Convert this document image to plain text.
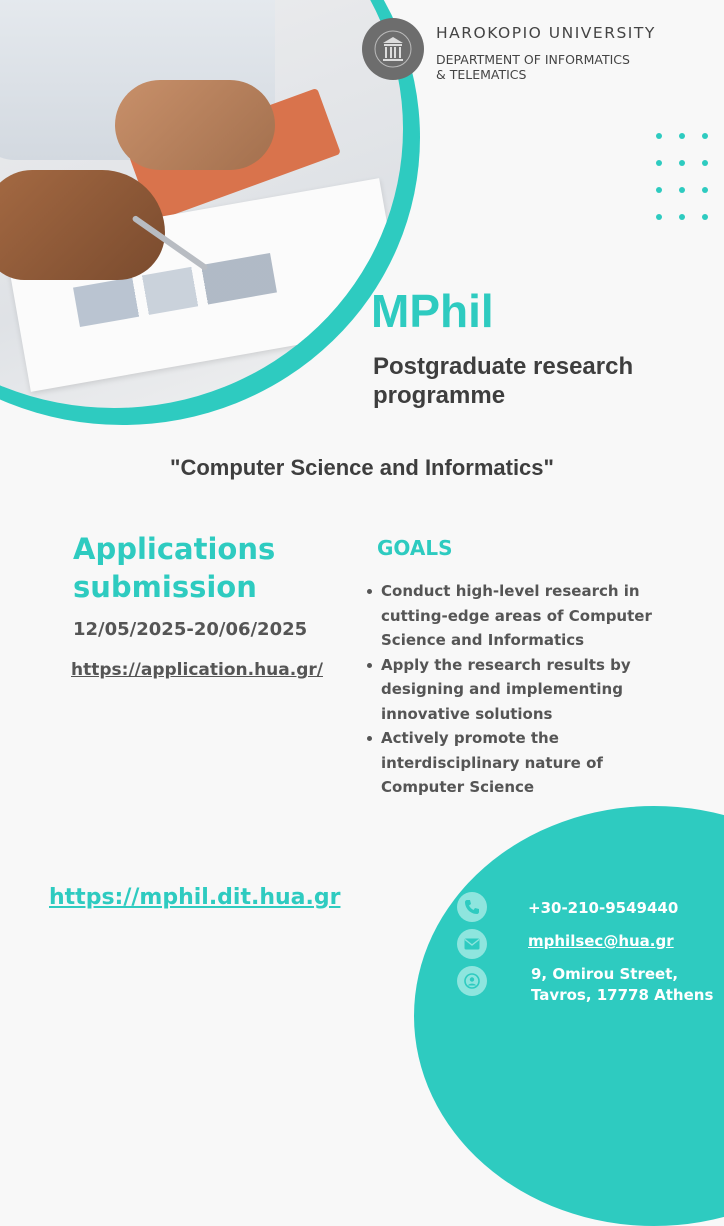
HAROKOPIO UNIVERSITY
DEPARTMENT OF INFORMATICS
& TELEMATICS
MPhil
Postgraduate research programme
"Computer Science and Informatics"
Applications submission
12/05/2025-20/06/2025
https://application.hua.gr/
GOALS
Conduct high-level research in cutting-edge areas of Computer Science and Informatics
Apply the research results by designing and implementing innovative solutions
Actively promote the interdisciplinary nature of Computer Science
https://mphil.dit.hua.gr	+30-210-9549440
mphilsec@hua.gr
9, Omirou Street,
Tavros, 17778 Athens
